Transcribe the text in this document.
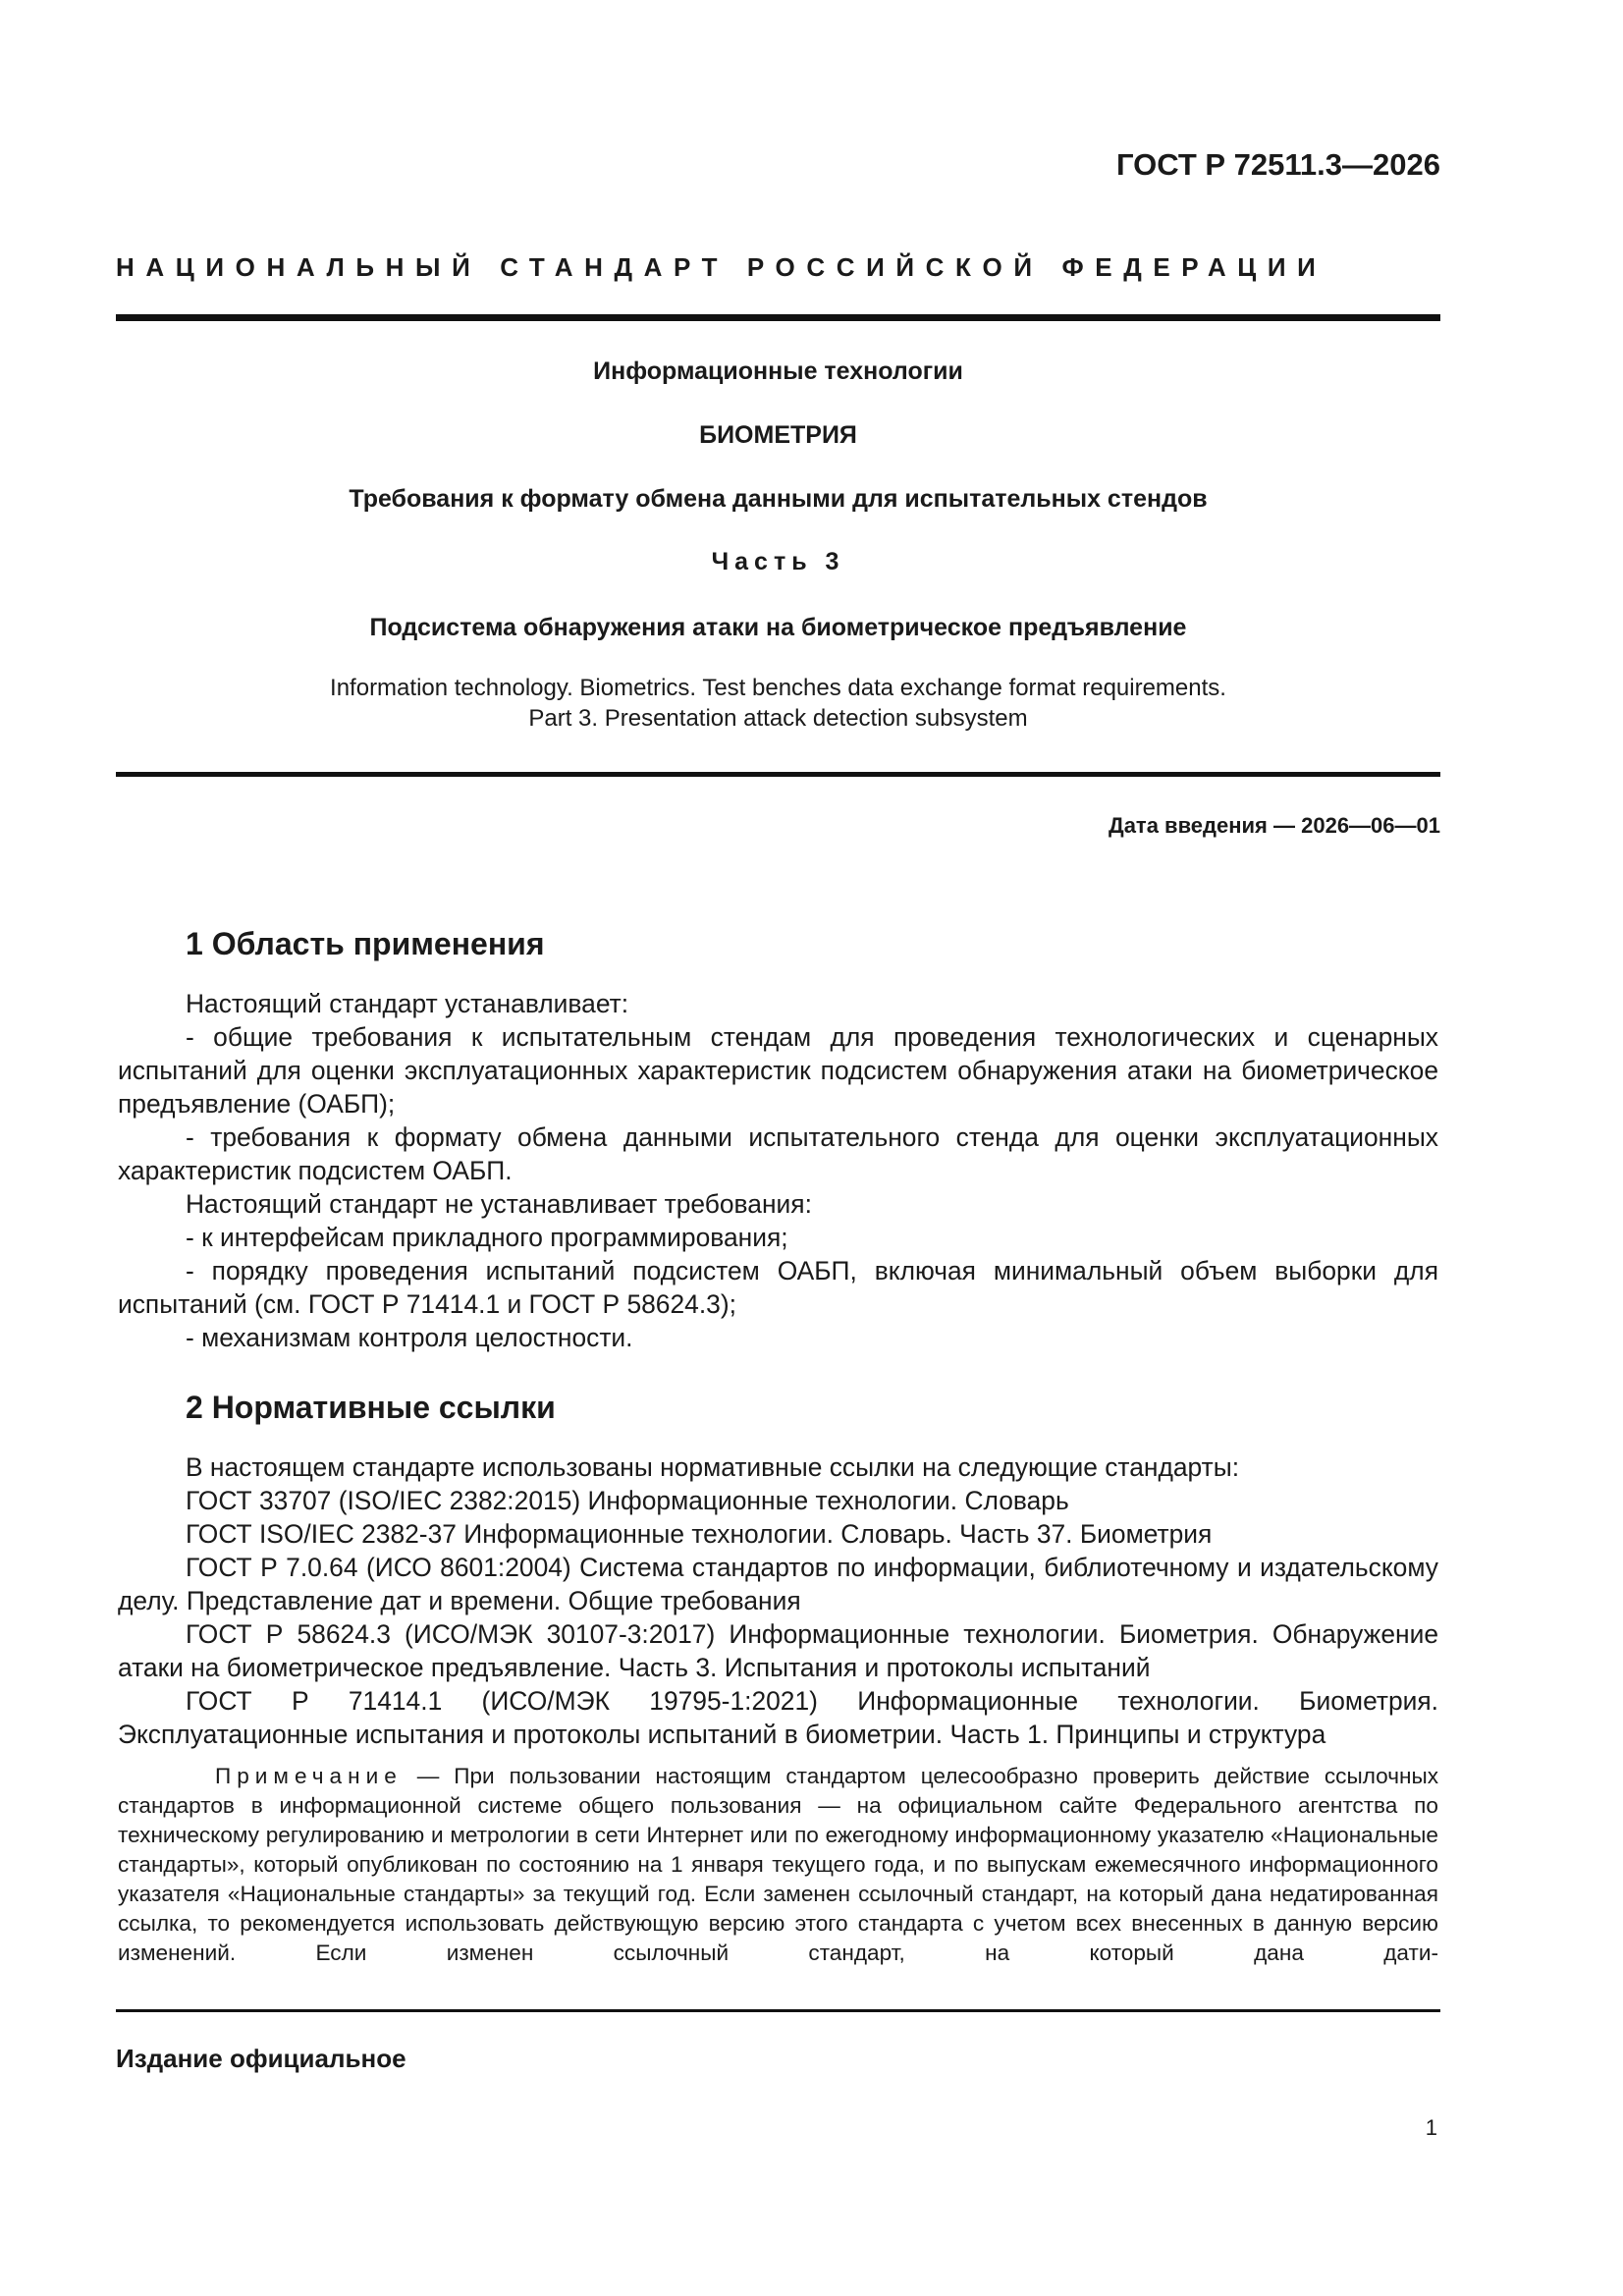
ГОСТ Р 72511.3—2026
НАЦИОНАЛЬНЫЙ СТАНДАРТ РОССИЙСКОЙ ФЕДЕРАЦИИ
Информационные технологии
БИОМЕТРИЯ
Требования к формату обмена данными для испытательных стендов
Часть 3
Подсистема обнаружения атаки на биометрическое предъявление
Information technology. Biometrics. Test benches data exchange format requirements.
Part 3. Presentation attack detection subsystem
Дата введения — 2026—06—01
1 Область применения

Настоящий стандарт устанавливает:

- общие требования к испытательным стендам для проведения технологических и сценарных испытаний для оценки эксплуатационных характеристик подсистем обнаружения атаки на биометрическое предъявление (ОАБП);

- требования к формату обмена данными испытательного стенда для оценки эксплуатационных характеристик подсистем ОАБП.

Настоящий стандарт не устанавливает требования:

- к интерфейсам прикладного программирования;

- порядку проведения испытаний подсистем ОАБП, включая минимальный объем выборки для испытаний (см. ГОСТ Р 71414.1 и ГОСТ Р 58624.3);

- механизмам контроля целостности.

2 Нормативные ссылки

В настоящем стандарте использованы нормативные ссылки на следующие стандарты:

ГОСТ 33707 (ISO/IEC 2382:2015) Информационные технологии. Словарь

ГОСТ ISO/IEC 2382-37 Информационные технологии. Словарь. Часть 37. Биометрия

ГОСТ Р 7.0.64 (ИСО 8601:2004) Система стандартов по информации, библиотечному и издательскому делу. Представление дат и времени. Общие требования

ГОСТ Р 58624.3 (ИСО/МЭК 30107-3:2017) Информационные технологии. Биометрия. Обнаружение атаки на биометрическое предъявление. Часть 3. Испытания и протоколы испытаний

ГОСТ Р 71414.1 (ИСО/МЭК 19795-1:2021) Информационные технологии. Биометрия. Эксплуатационные испытания и протоколы испытаний в биометрии. Часть 1. Принципы и структура

Примечание — При пользовании настоящим стандартом целесообразно проверить действие ссылочных стандартов в информационной системе общего пользования — на официальном сайте Федерального агентства по техническому регулированию и метрологии в сети Интернет или по ежегодному информационному указателю «Национальные стандарты», который опубликован по состоянию на 1 января текущего года, и по выпускам ежемесячного информационного указателя «Национальные стандарты» за текущий год. Если заменен ссылочный стандарт, на который дана недатированная ссылка, то рекомендуется использовать действующую версию этого стандарта с учетом всех внесенных в данную версию изменений. Если изменен ссылочный стандарт, на который дана дати-

Издание официальное
1
